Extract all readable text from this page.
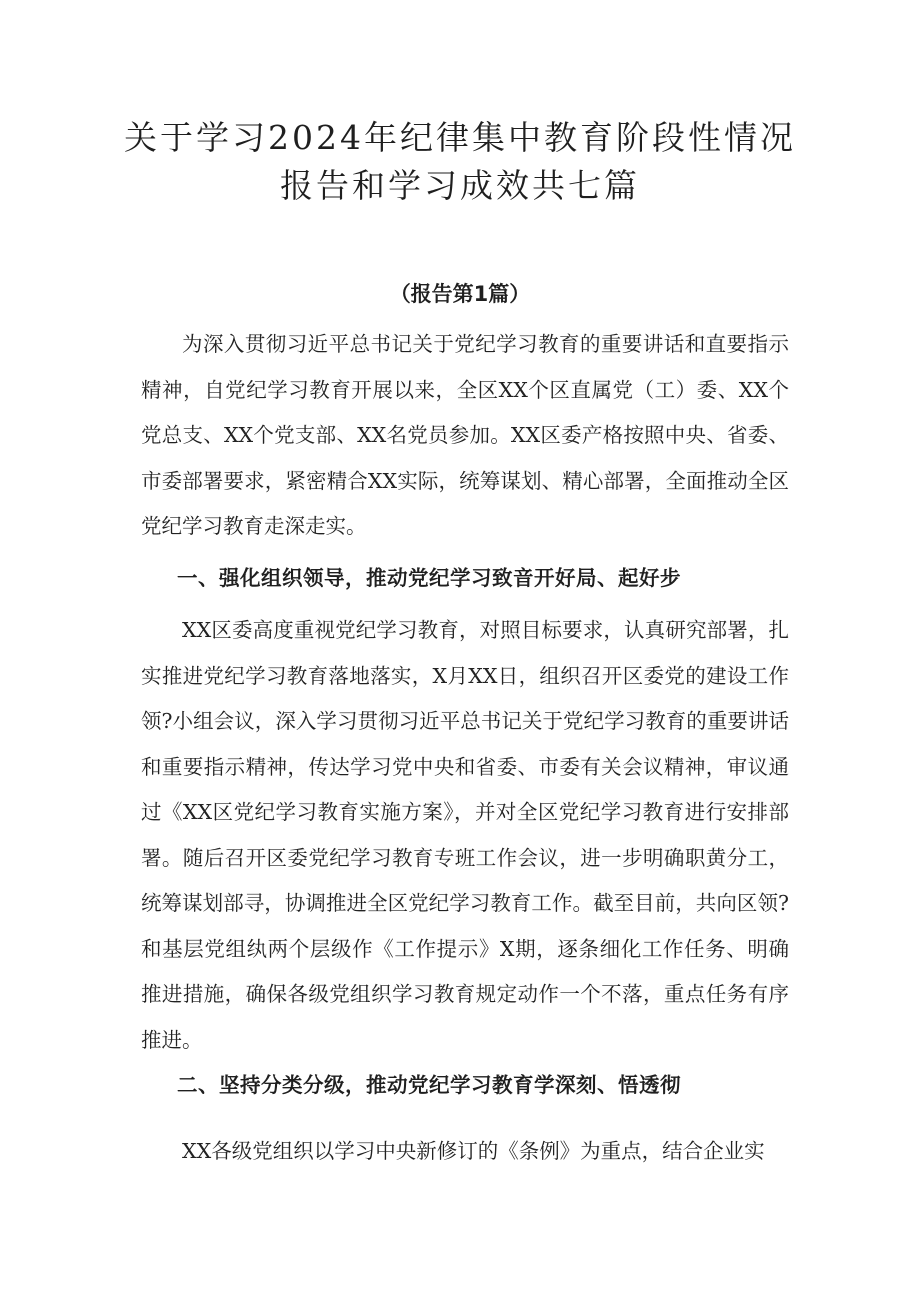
关于学习2024年纪律集中教育阶段性情况
报告和学习成效共七篇
（报告第1篇）

为深入贯彻习近平总书记关于党纪学习教育的重要讲话和直要指示精神，自党纪学习教育开展以来，全区XX个区直属党（工）委、XX个党总支、XX个党支部、XX名党员参加。XX区委产格按照中央、省委、市委部署要求，紧密精合XX实际，统筹谋划、精心部署，全面推动全区党纪学习教育走深走实。

一、强化组织领导，推动党纪学习致音开好局、起好步

XX区委高度重视党纪学习教育，对照目标要求，认真研究部署，扎实推进党纪学习教育落地落实，X月XX日，组织召开区委党的建设工作领?小组会议，深入学习贯彻习近平总书记关于党纪学习教育的重要讲话和重要指示精神，传达学习党中央和省委、市委有关会议精神，审议通过《XX区党纪学习教育实施方案》，并对全区党纪学习教育进行安排部署。随后召开区委党纪学习教育专班工作会议，进一步明确职黄分工，统筹谋划部寻，协调推进全区党纪学习教育工作。截至目前，共向区领?和基层党组纨两个层级作《工作提示》X期，逐条细化工作任务、明确推进措施，确保各级党组织学习教育规定动作一个不落，重点任务有序推进。

二、坚持分类分级，推动党纪学习教育学深刻、悟透彻

XX各级党组织以学习中央新修订的《条例》为重点，结合企业实
